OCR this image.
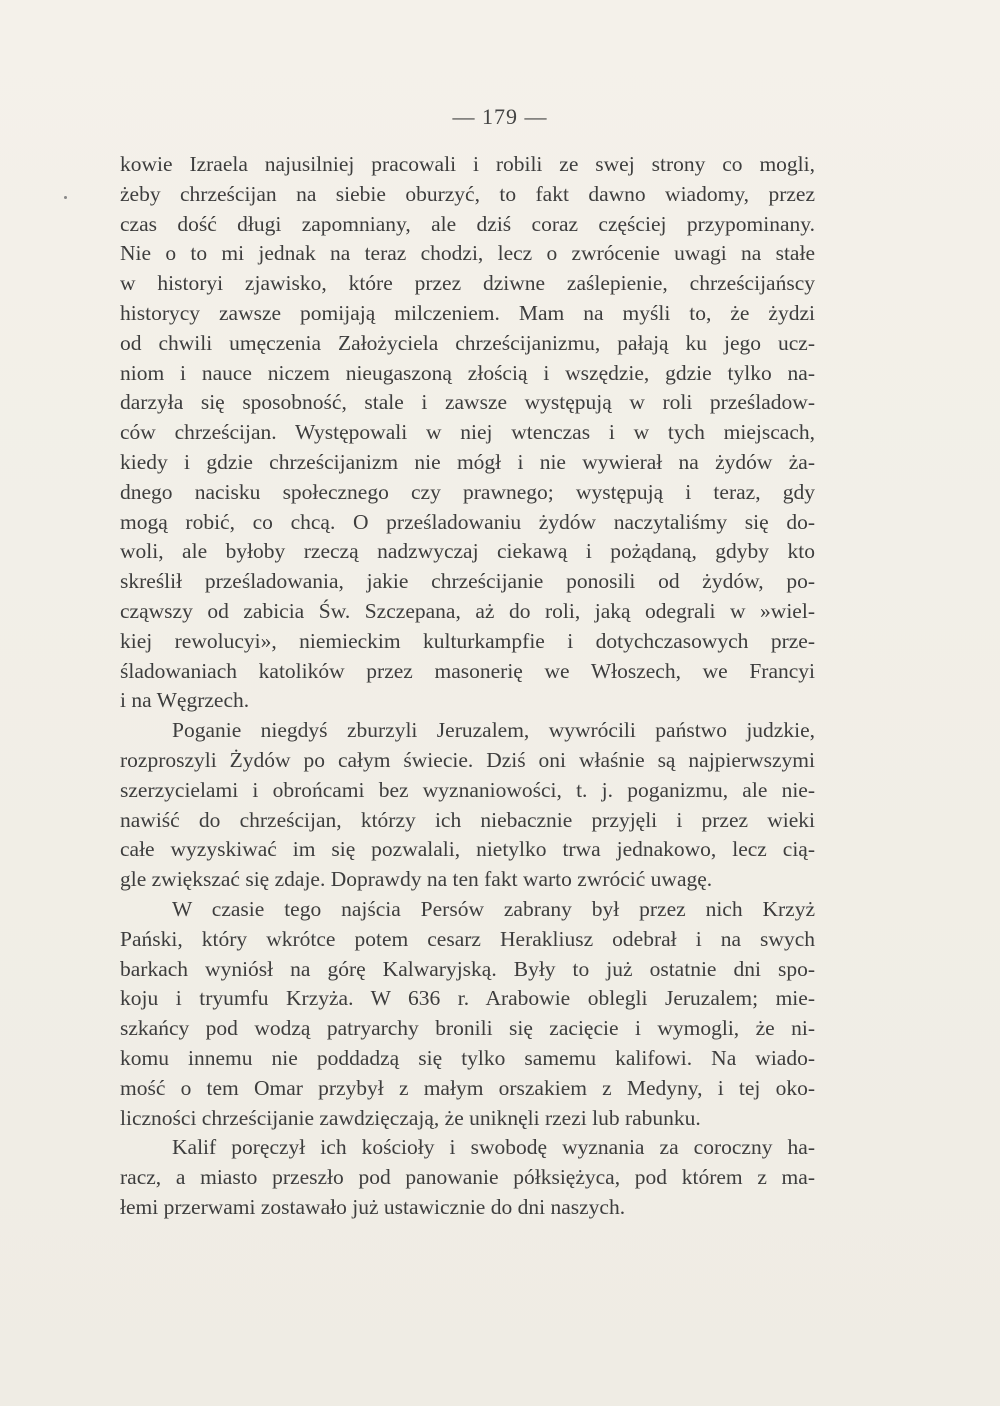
— 179 —
kowie Izraela najusilniej pracowali i robili ze swej strony co mogli,
żeby chrześcijan na siebie oburzyć, to fakt dawno wiadomy, przez
czas dość długi zapomniany, ale dziś coraz częściej przypominany.
Nie o to mi jednak na teraz chodzi, lecz o zwrócenie uwagi na stałe
w historyi zjawisko, które przez dziwne zaślepienie, chrześcijańscy
historycy zawsze pomijają milczeniem. Mam na myśli to, że żydzi
od chwili umęczenia Założyciela chrześcijanizmu, pałają ku jego ucz-
niom i nauce niczem nieugaszoną złością i wszędzie, gdzie tylko na-
darzyła się sposobność, stale i zawsze występują w roli prześladow-
ców chrześcijan. Występowali w niej wtenczas i w tych miejscach,
kiedy i gdzie chrześcijanizm nie mógł i nie wywierał na żydów ża-
dnego nacisku społecznego czy prawnego; występują i teraz, gdy
mogą robić, co chcą. O prześladowaniu żydów naczytaliśmy się do-
woli, ale byłoby rzeczą nadzwyczaj ciekawą i pożądaną, gdyby kto
skreślił prześladowania, jakie chrześcijanie ponosili od żydów, po-
cząwszy od zabicia Św. Szczepana, aż do roli, jaką odegrali w »wiel-
kiej rewolucyi», niemieckim kulturkampfie i dotychczasowych prze-
śladowaniach katolików przez masonerię we Włoszech, we Francyi
i na Węgrzech.
Poganie niegdyś zburzyli Jeruzalem, wywrócili państwo judzkie,
rozproszyli Żydów po całym świecie. Dziś oni właśnie są najpierwszymi
szerzycielami i obrońcami bez wyznaniowości, t. j. poganizmu, ale nie-
nawiść do chrześcijan, którzy ich niebacznie przyjęli i przez wieki
całe wyzyskiwać im się pozwalali, nietylko trwa jednakowo, lecz cią-
gle zwiększać się zdaje. Doprawdy na ten fakt warto zwrócić uwagę.
W czasie tego najścia Persów zabrany był przez nich Krzyż
Pański, który wkrótce potem cesarz Herakliusz odebrał i na swych
barkach wyniósł na górę Kalwaryjską. Były to już ostatnie dni spo-
koju i tryumfu Krzyża. W 636 r. Arabowie oblegli Jeruzalem; mie-
szkańcy pod wodzą patryarchy bronili się zacięcie i wymogli, że ni-
komu innemu nie poddadzą się tylko samemu kalifowi. Na wiado-
mość o tem Omar przybył z małym orszakiem z Medyny, i tej oko-
liczności chrześcijanie zawdzięczają, że uniknęli rzezi lub rabunku.
Kalif poręczył ich kościoły i swobodę wyznania za coroczny ha-
racz, a miasto przeszło pod panowanie półksiężyca, pod którem z ma-
łemi przerwami zostawało już ustawicznie do dni naszych.
